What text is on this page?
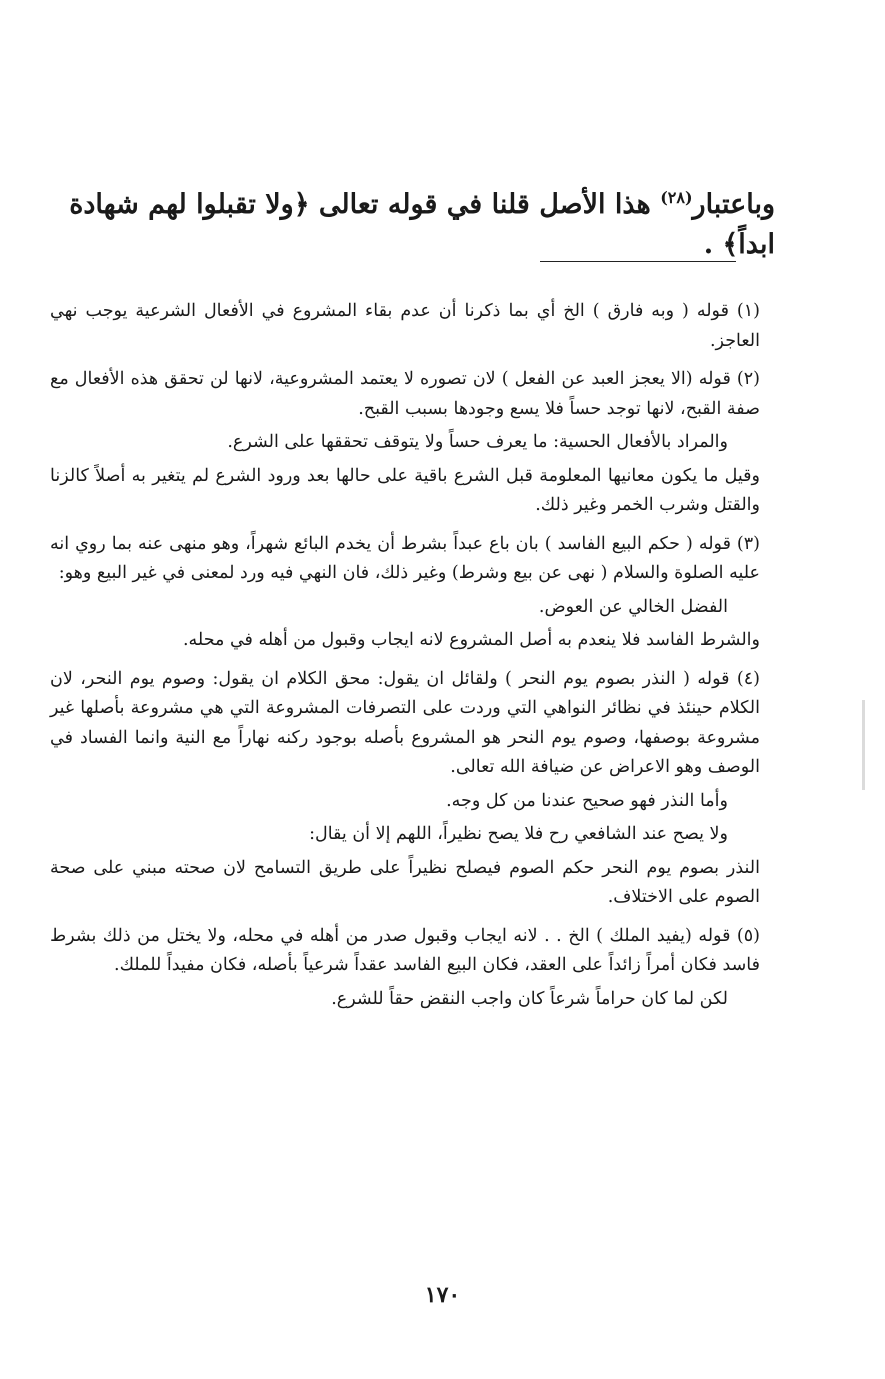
وباعتبار$^{(٢٨)}$ هذا الأصل قلنا في قوله تعالى ﴿ولا تقبلوا لهم شهادة ابداً﴾ .

(١) قوله ( وبه فارق ) الخ أي بما ذكرنا أن عدم بقاء المشروع في الأفعال الشرعية يوجب نهي العاجز.

(٢) قوله (الا يعجز العبد عن الفعل ) لان تصوره لا يعتمد المشروعية، لانها لن تحقق هذه الأفعال مع صفة القبح، لانها توجد حساً فلا يسع وجودها بسبب القبح.

والمراد بالأفعال الحسية: ما يعرف حساً ولا يتوقف تحققها على الشرع.

وقيل ما يكون معانيها المعلومة قبل الشرع باقية على حالها بعد ورود الشرع لم يتغير به أصلاً كالزنا والقتل وشرب الخمر وغير ذلك.

(٣) قوله ( حكم البيع الفاسد ) بان باع عبداً بشرط أن يخدم البائع شهراً، وهو منهى عنه بما روي انه عليه الصلوة والسلام ( نهى عن بيع وشرط) وغير ذلك، فان النهي فيه ورد لمعنى في غير البيع وهو:

الفضل الخالي عن العوض.

والشرط الفاسد فلا ينعدم به أصل المشروع لانه ايجاب وقبول من أهله في محله.

(٤) قوله ( النذر بصوم يوم النحر ) ولقائل ان يقول: محق الكلام ان يقول: وصوم يوم النحر، لان الكلام حينئذ في نظائر النواهي التي وردت على التصرفات المشروعة التي هي مشروعة بأصلها غير مشروعة بوصفها، وصوم يوم النحر هو المشروع بأصله بوجود ركنه نهاراً مع النية وانما الفساد في الوصف وهو الاعراض عن ضيافة الله تعالى.

وأما النذر فهو صحيح عندنا من كل وجه.

ولا يصح عند الشافعي رح فلا يصح نظيراً، اللهم إلا أن يقال:

النذر بصوم يوم النحر حكم الصوم فيصلح نظيراً على طريق التسامح لان صحته مبني على صحة الصوم على الاختلاف.

(٥) قوله (يفيد الملك ) الخ . . لانه ايجاب وقبول صدر من أهله في محله، ولا يختل من ذلك بشرط فاسد فكان أمراً زائداً على العقد، فكان البيع الفاسد عقداً شرعياً بأصله، فكان مفيداً للملك.

لكن لما كان حراماً شرعاً كان واجب النقض حقاً للشرع.

١٧٠
